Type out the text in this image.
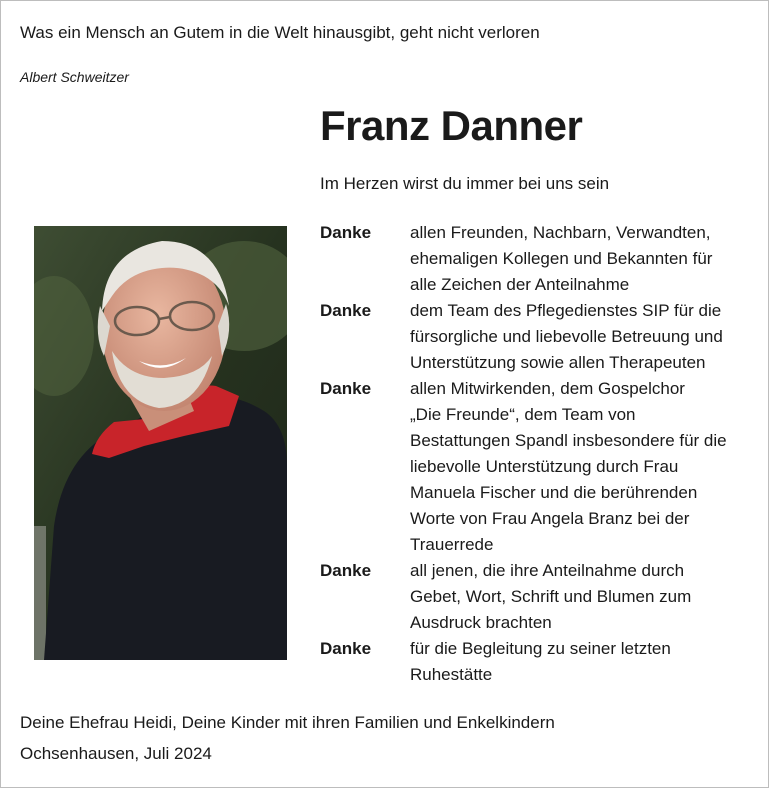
Was ein Mensch an Gutem in die Welt hinausgibt, geht nicht verloren
Albert Schweitzer
Franz Danner
Im Herzen wirst du immer bei uns sein
Danke	allen Freunden, Nachbarn, Verwandten,
ehemaligen Kollegen und Bekannten für
alle Zeichen der Anteilnahme
Danke	dem Team des Pflegedienstes SIP für die
fürsorgliche und liebevolle Betreuung und
Unterstützung sowie allen Therapeuten
Danke	allen Mitwirkenden, dem Gospelchor
„Die Freunde“, dem Team von
Bestattungen Spandl insbesondere für die
liebevolle Unterstützung durch Frau
Manuela Fischer und die berührenden
Worte von Frau Angela Branz bei der
Trauerrede
Danke	all jenen, die ihre Anteilnahme durch
Gebet, Wort, Schrift und Blumen zum
Ausdruck brachten
Danke	für die Begleitung zu seiner letzten
Ruhestätte
Deine Ehefrau Heidi, Deine Kinder mit ihren Familien und Enkelkindern
Ochsenhausen, Juli 2024
